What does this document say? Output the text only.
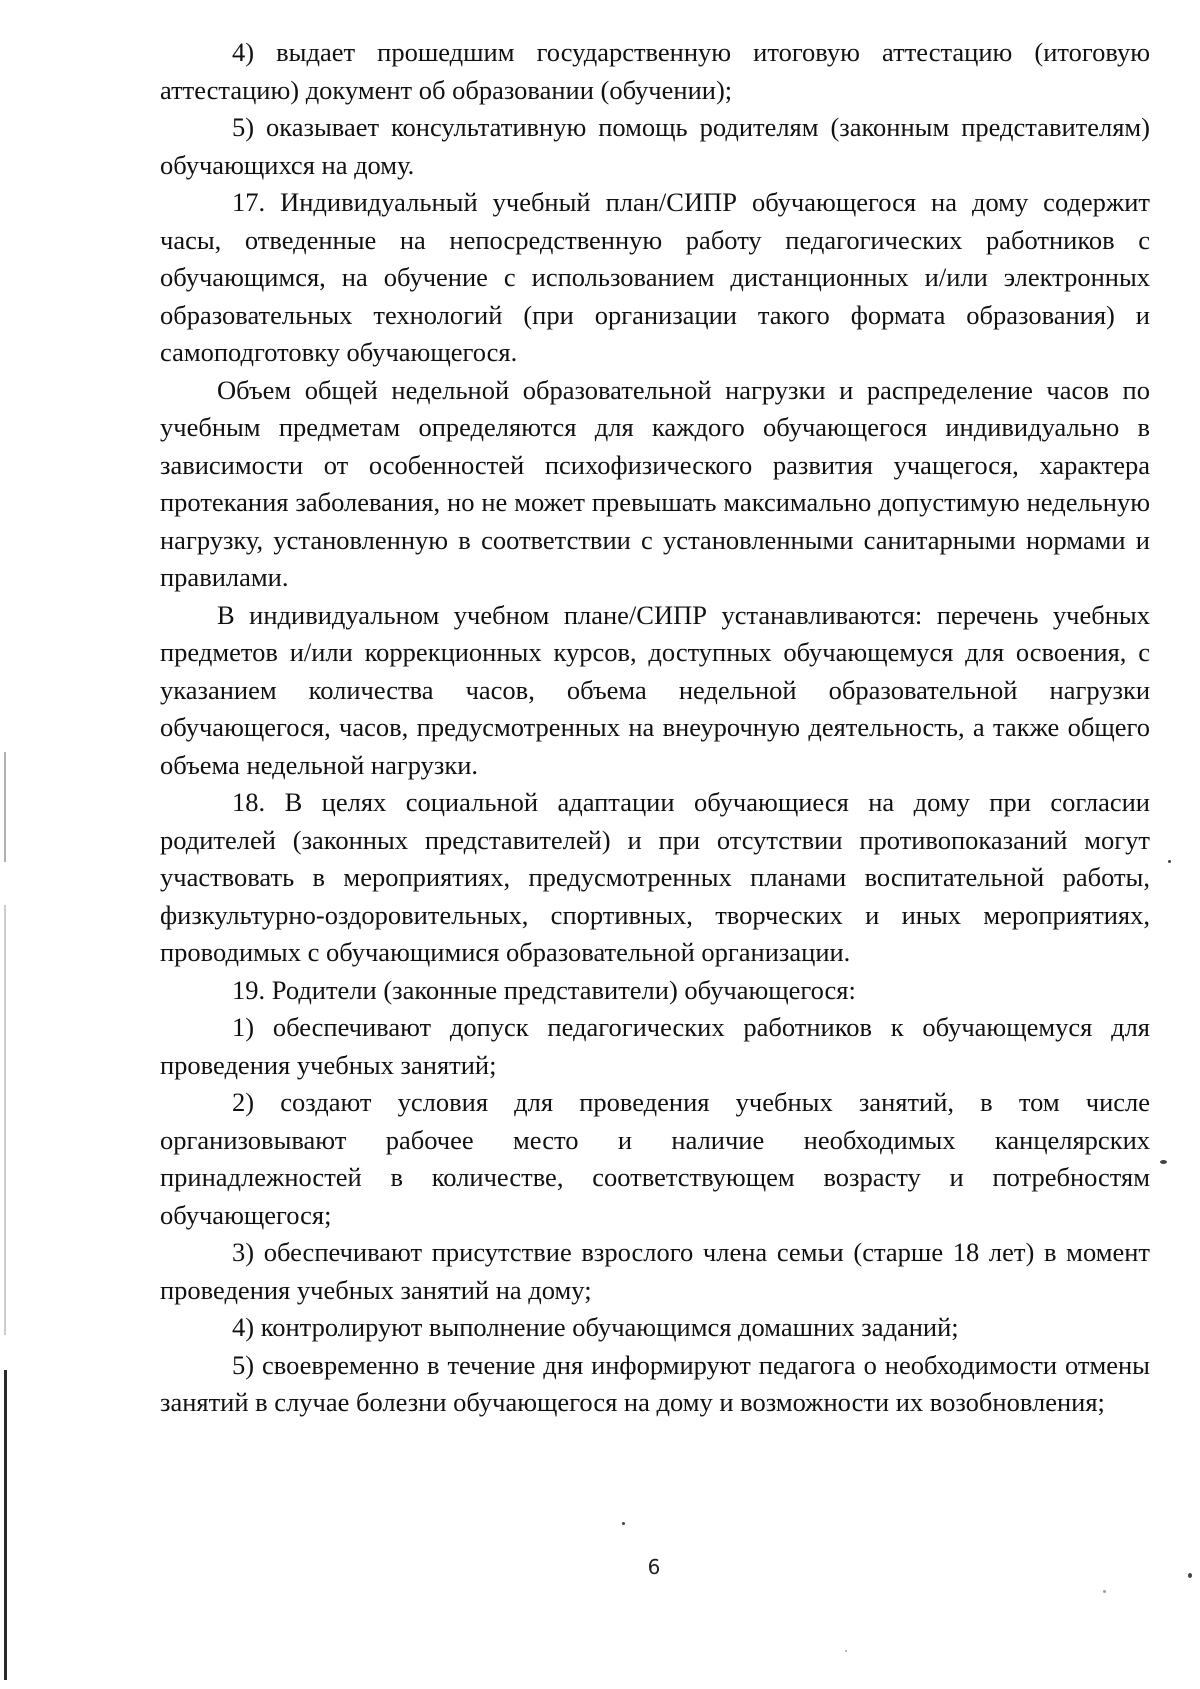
4) выдает прошедшим государственную итоговую аттестацию (итоговую аттестацию) документ об образовании (обучении);

5) оказывает консультативную помощь родителям (законным представителям) обучающихся на дому.

17. Индивидуальный учебный план/СИПР обучающегося на дому содержит часы, отведенные на непосредственную работу педагогических работников с обучающимся, на обучение с использованием дистанционных и/или электронных образовательных технологий (при организации такого формата образования) и самоподготовку обучающегося.

Объем общей недельной образовательной нагрузки и распределение часов по учебным предметам определяются для каждого обучающегося индивидуально в зависимости от особенностей психофизического развития учащегося, характера протекания заболевания, но не может превышать максимально допустимую недельную нагрузку, установленную в соответствии с установленными санитарными нормами и правилами.

В индивидуальном учебном плане/СИПР устанавливаются: перечень учебных предметов и/или коррекционных курсов, доступных обучающемуся для освоения, с указанием количества часов, объема недельной образовательной нагрузки обучающегося, часов, предусмотренных на внеурочную деятельность, а также общего объема недельной нагрузки.

18. В целях социальной адаптации обучающиеся на дому при согласии родителей (законных представителей) и при отсутствии противопоказаний могут участвовать в мероприятиях, предусмотренных планами воспитательной работы, физкультурно-оздоровительных, спортивных, творческих и иных мероприятиях, проводимых с обучающимися образовательной организации.

19. Родители (законные представители) обучающегося:

1) обеспечивают допуск педагогических работников к обучающемуся для проведения учебных занятий;

2) создают условия для проведения учебных занятий, в том числе организовывают рабочее место и наличие необходимых канцелярских принадлежностей в количестве, соответствующем возрасту и потребностям обучающегося;

3) обеспечивают присутствие взрослого члена семьи (старше 18 лет) в момент проведения учебных занятий на дому;

4) контролируют выполнение обучающимся домашних заданий;

5) своевременно в течение дня информируют педагога о необходимости отмены занятий в случае болезни обучающегося на дому и возможности их возобновления;

6
